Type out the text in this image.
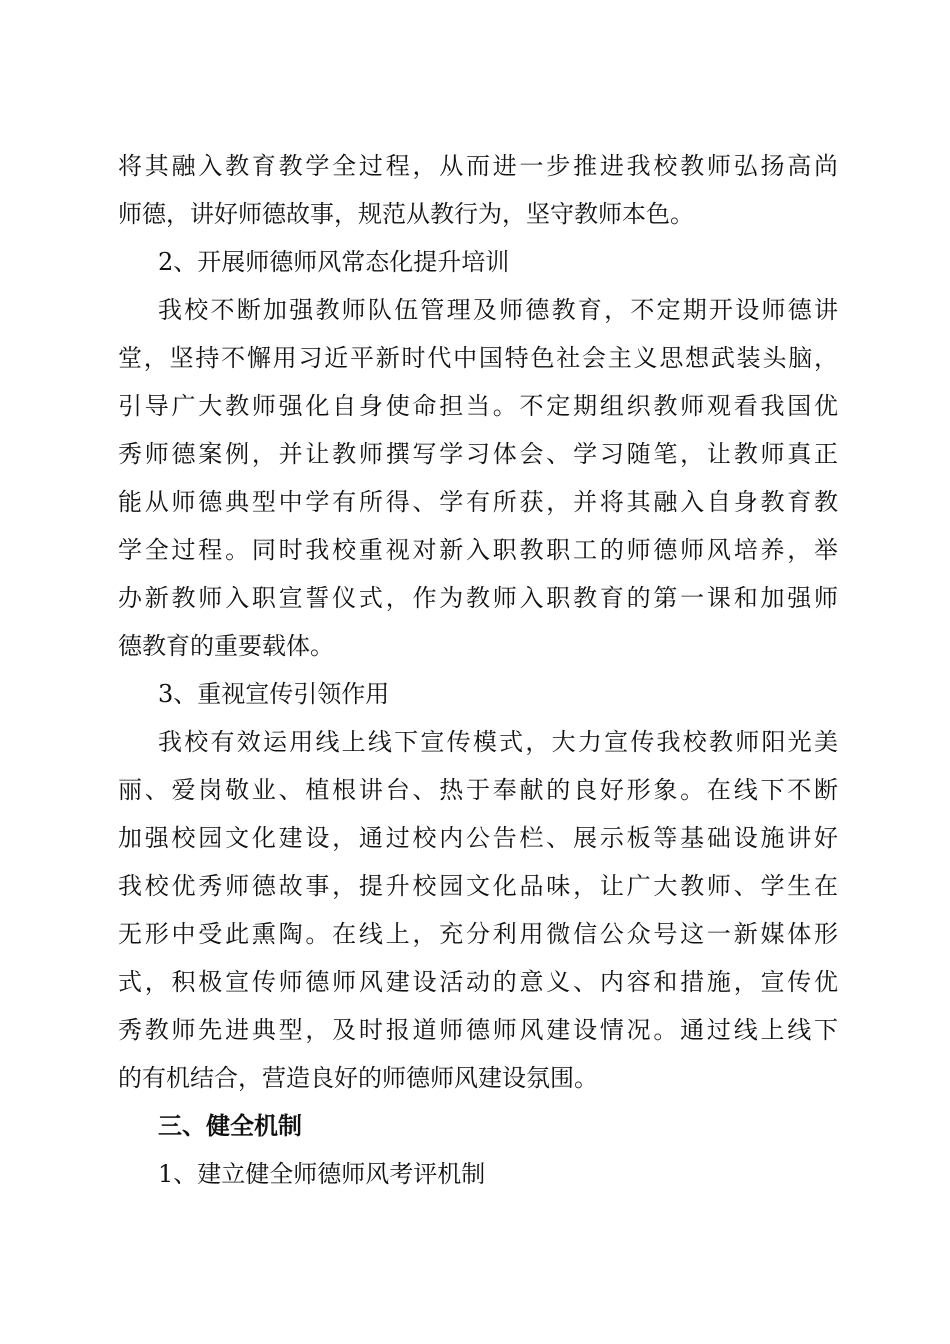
将其融入教育教学全过程，从而进一步推进我校教师弘扬高尚
师德，讲好师德故事，规范从教行为，坚守教师本色。
2、开展师德师风常态化提升培训
我校不断加强教师队伍管理及师德教育，不定期开设师德讲
堂，坚持不懈用习近平新时代中国特色社会主义思想武装头脑，
引导广大教师强化自身使命担当。不定期组织教师观看我国优
秀师德案例，并让教师撰写学习体会、学习随笔，让教师真正
能从师德典型中学有所得、学有所获，并将其融入自身教育教
学全过程。同时我校重视对新入职教职工的师德师风培养，举
办新教师入职宣誓仪式，作为教师入职教育的第一课和加强师
德教育的重要载体。
3、重视宣传引领作用
我校有效运用线上线下宣传模式，大力宣传我校教师阳光美
丽、爱岗敬业、植根讲台、热于奉献的良好形象。在线下不断
加强校园文化建设，通过校内公告栏、展示板等基础设施讲好
我校优秀师德故事，提升校园文化品味，让广大教师、学生在
无形中受此熏陶。在线上，充分利用微信公众号这一新媒体形
式，积极宣传师德师风建设活动的意义、内容和措施，宣传优
秀教师先进典型，及时报道师德师风建设情况。通过线上线下
的有机结合，营造良好的师德师风建设氛围。
三、健全机制
1、建立健全师德师风考评机制
